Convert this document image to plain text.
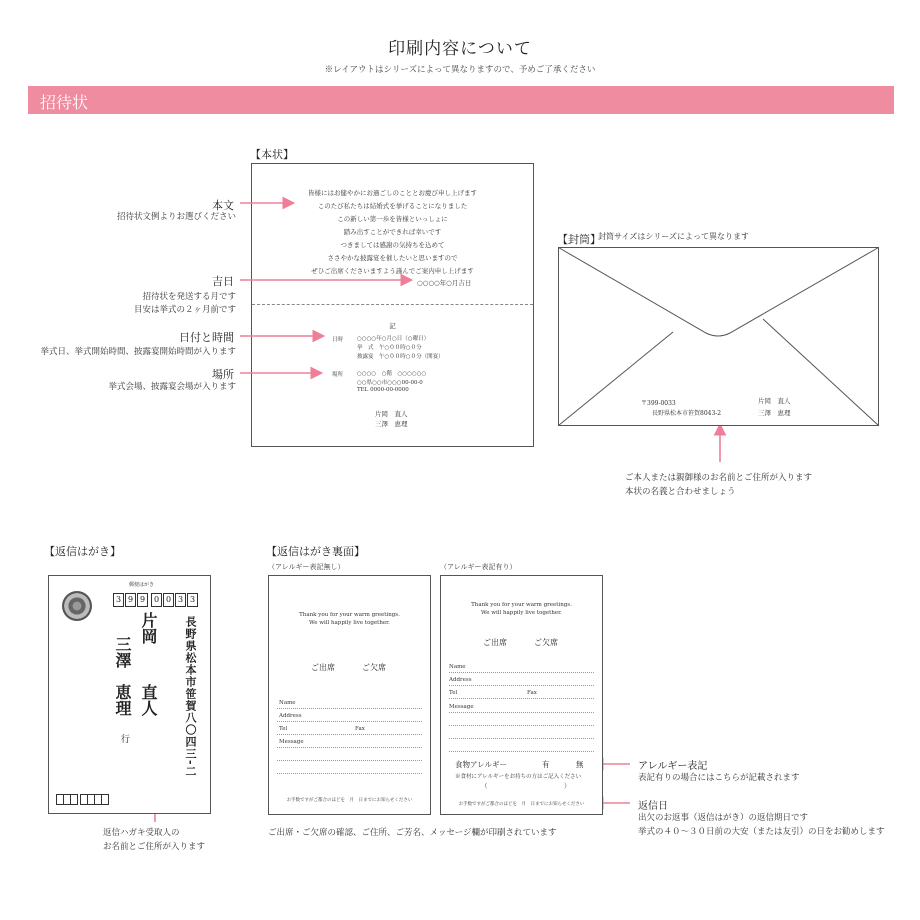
印刷内容について
※レイアウトはシリーズによって異なりますので、予めご了承ください
招待状
【本状】
皆様にはお健やかにお過ごしのこととお慶び申し上げます
このたび私たちは結婚式を挙げることになりました
この新しい第一歩を皆様といっしょに
踏み出すことができれば幸いです
つきましては感謝の気持ちを込めて
ささやかな披露宴を催したいと思いますので
ぜひご出席くださいますよう謹んでご案内申し上げます
○○○○年○月吉日
記
日時	○○○○年○月○日（○曜日）
挙　式　午○００時○０分
披露宴　午○００時○０分（開宴）
場所	○○○○　○階　○○○○○○
○○県○○市○○○00-00-0
TEL 0000-00-0000
片岡　直人
三澤　恵理
本文
招待状文例よりお選びください
吉日
招待状を発送する月です
目安は挙式の２ヶ月前です
日付と時間
挙式日、挙式開始時間、披露宴開始時間が入ります
場所
挙式会場、披露宴会場が入ります
【封筒】
封筒サイズはシリーズによって異なります
〒399-0033
長野県松本市笹賀8043-2
片岡　直人
三澤　恵理
ご本人または親御様のお名前とご住所が入ります
本状の名義と合わせましょう
【返信はがき】
郵便はがき
3 9 9	0 0 3 3
長野県松本市笹賀八〇四三-二
片岡
直人
三澤
恵理
行
返信ハガキ受取人の
お名前とご住所が入ります
【返信はがき裏面】
（アレルギー表記無し）	（アレルギー表記有り）
Thank you for your warm greetings.
We will happily live together.
ご出席	ご欠席
Name
Address
Tel	Fax
Message
お手数ですがご都合のほどを　月　日までにお知らせください
Thank you for your warm greetings.
We will happily live together.
ご出席	ご欠席
Name
Address
Tel	Fax
Message
食物アレルギー	有	無
※食材にアレルギーをお持ちの方はご記入ください
（	）
お手数ですがご都合のほどを　月　日までにお知らせください
ご出席・ご欠席の確認、ご住所、ご芳名、メッセージ欄が印刷されています
アレルギー表記
表記有りの場合にはこちらが記載されます
返信日
出欠のお返事（返信はがき）の返信期日です
挙式の４０〜３０日前の大安（または友引）の日をお勧めします
